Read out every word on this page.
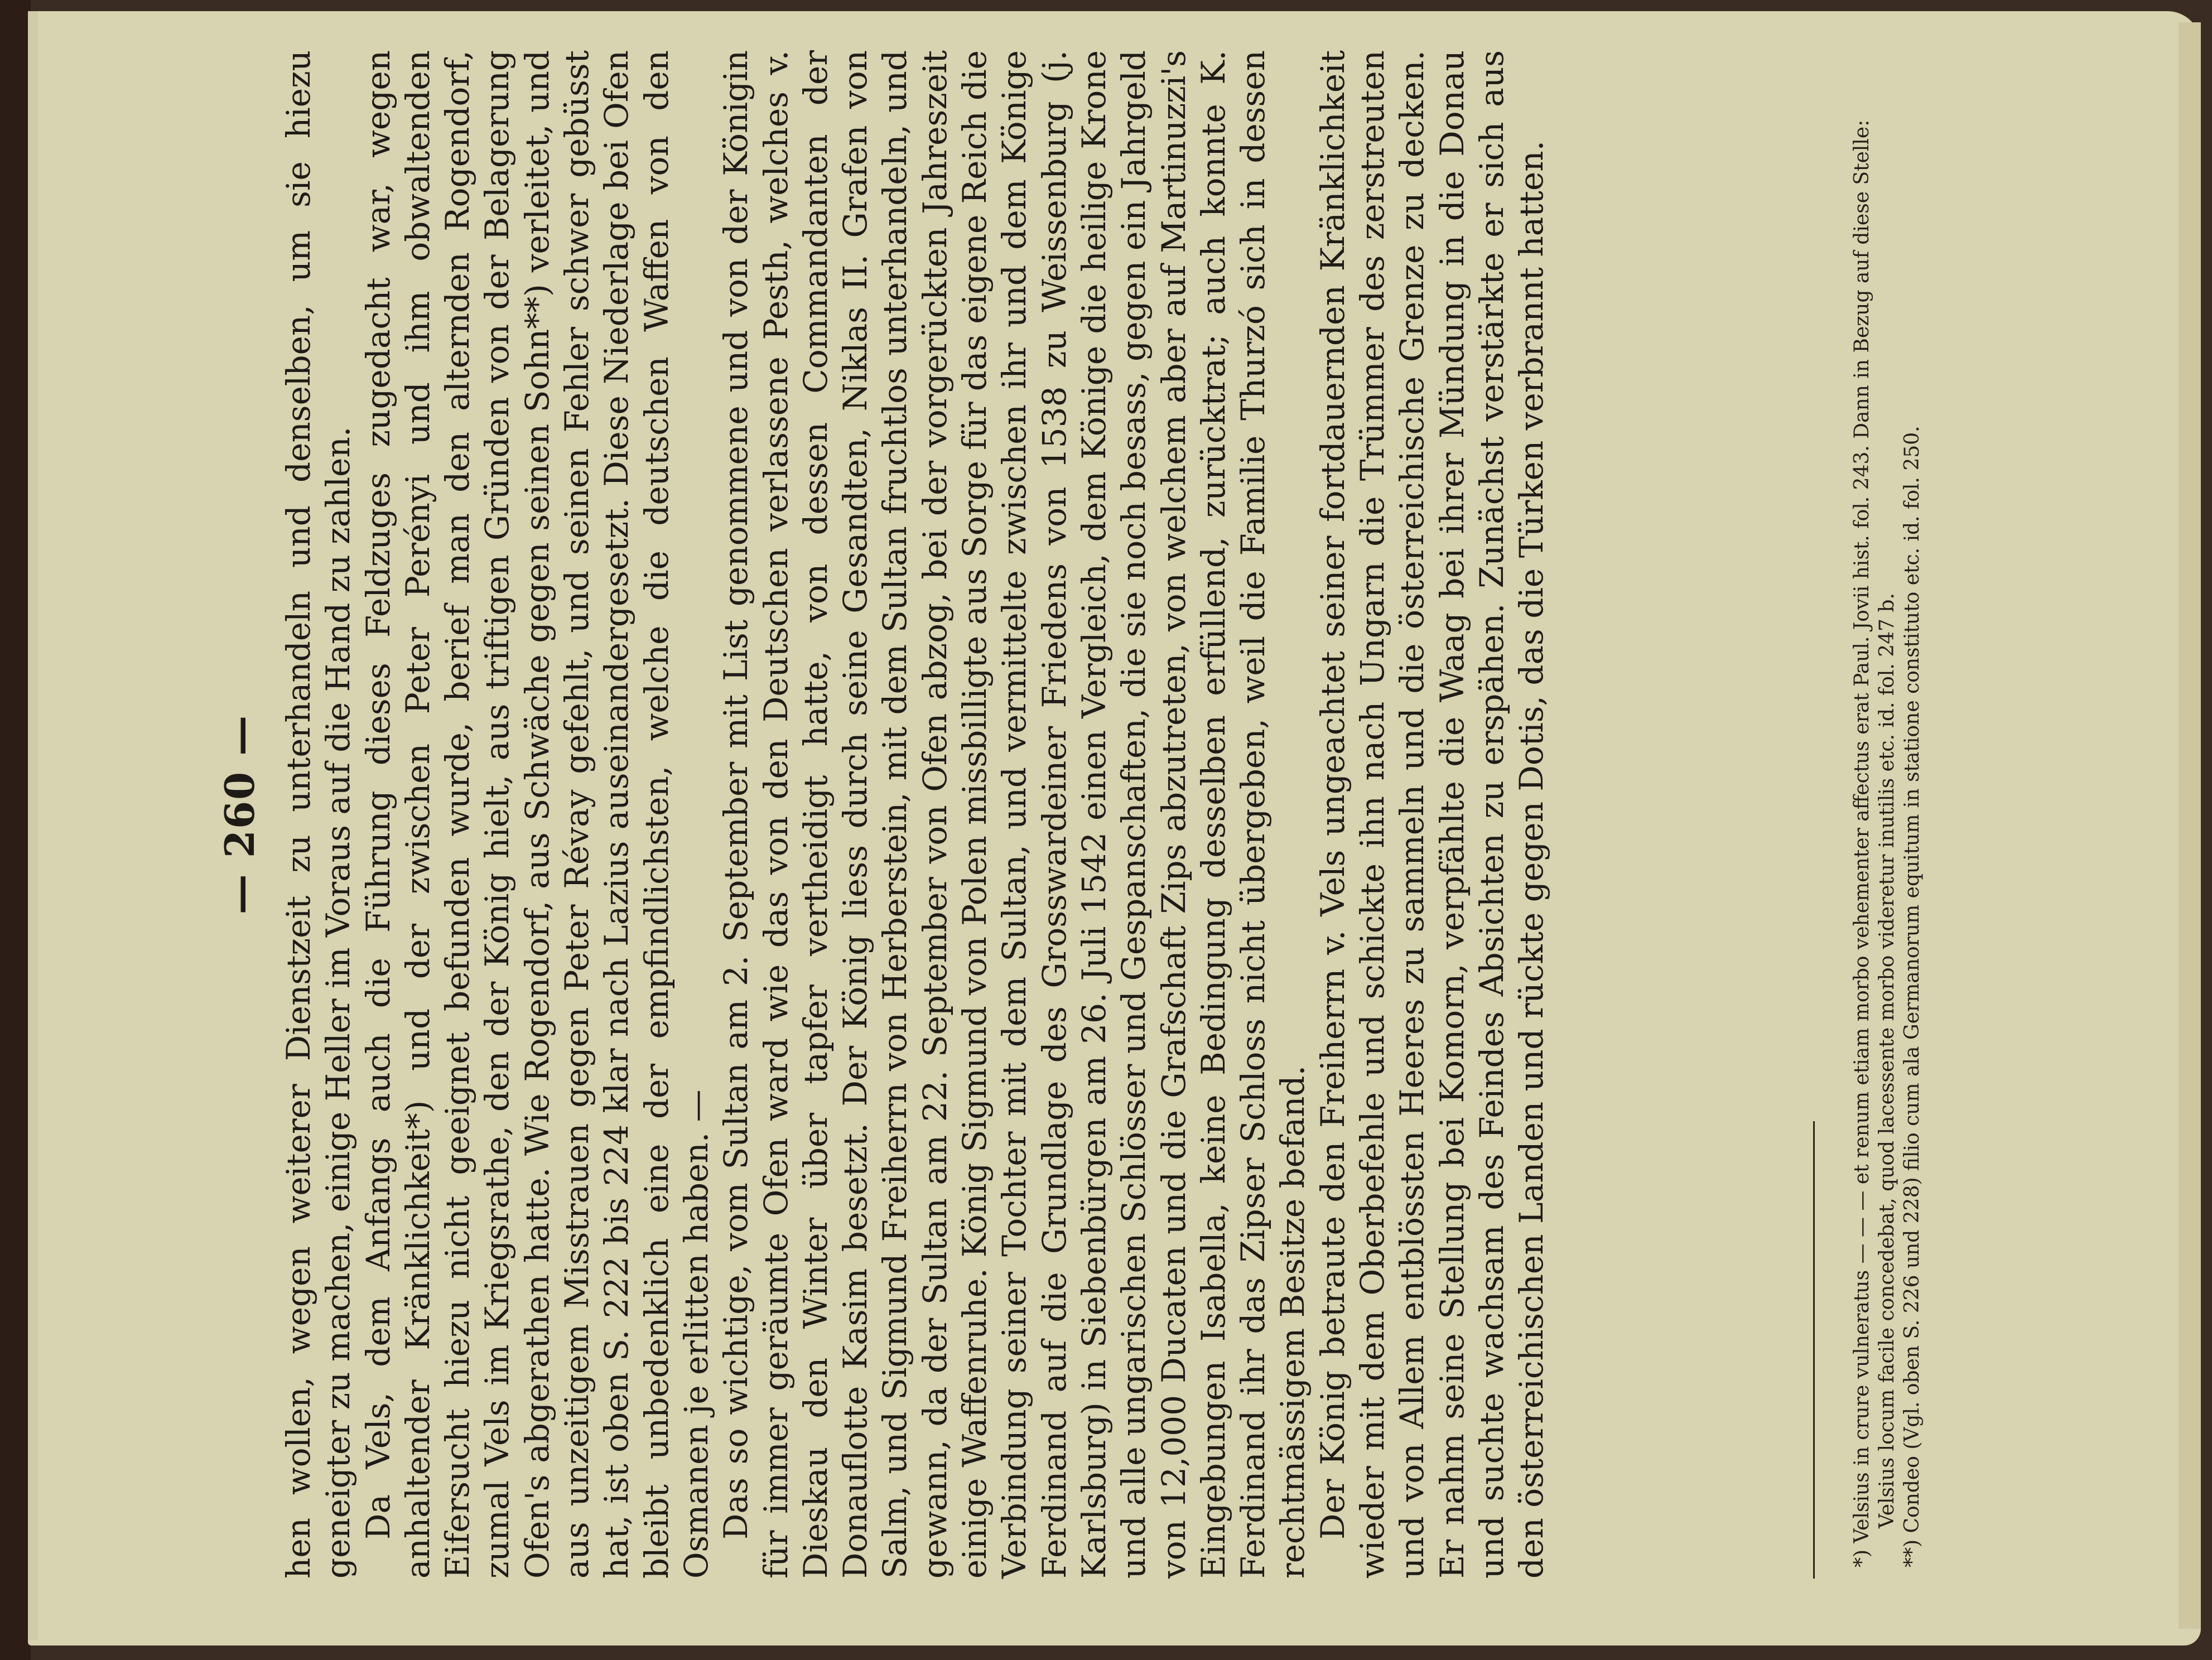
— 260 — hen wollen, wegen weiterer Dienstzeit zu unterhandeln und denselben, um sie hiezu geneigter zu machen, einige Heller im Voraus auf die Hand zu zahlen. Da Vels, dem Anfangs auch die Führung dieses Feldzuges zugedacht war, wegen anhaltender Kränklichkeit*) und der zwischen Peter Perényi und ihm obwaltenden Eifersucht hiezu nicht geeignet befunden wurde, berief man den alternden Rogendorf, zumal Vels im Kriegsrathe, den der König hielt, aus triftigen Gründen von der Belagerung Ofen's abgerathen hatte. Wie Rogendorf, aus Schwäche gegen seinen Sohn**) verleitet, und aus unzeitigem Misstrauen gegen Peter Révay gefehlt, und seinen Fehler schwer gebüsst hat, ist oben S. 222 bis 224 klar nach Lazius auseinandergesetzt. Diese Niederlage bei Ofen bleibt unbedenklich eine der empfindlichsten, welche die deutschen Waffen von den Osmanen je erlitten haben. — Das so wichtige, vom Sultan am 2. September mit List genommene und von der Königin für immer geräumte Ofen ward wie das von den Deutschen verlassene Pesth, welches v. Dieskau den Winter über tapfer vertheidigt hatte, von dessen Commandanten der Donauflotte Kasim besetzt. Der König liess durch seine Gesandten, Niklas II. Grafen von Salm, und Sigmund Freiherrn von Herberstein, mit dem Sultan fruchtlos unterhandeln, und gewann, da der Sultan am 22. September von Ofen abzog, bei der vorgerückten Jahreszeit einige Waffenruhe. König Sigmund von Polen missbilligte aus Sorge für das eigene Reich die Verbindung seiner Tochter mit dem Sultan, und vermittelte zwischen ihr und dem Könige Ferdinand auf die Grundlage des Grosswardeiner Friedens von 1538 zu Weissenburg (j. Karlsburg) in Siebenbürgen am 26. Juli 1542 einen Vergleich, dem Könige die heilige Krone und alle ungarischen Schlösser und Gespanschaften, die sie noch besass, gegen ein Jahrgeld von 12,000 Ducaten und die Grafschaft Zips abzutreten, von welchem aber auf Martinuzzi's Eingebungen Isabella, keine Bedingung desselben erfüllend, zurücktrat; auch konnte K. Ferdinand ihr das Zipser Schloss nicht übergeben, weil die Familie Thurzó sich in dessen rechtmässigem Besitze befand. Der König betraute den Freiherrn v. Vels ungeachtet seiner fortdauernden Kränklichkeit wieder mit dem Oberbefehle und schickte ihn nach Ungarn die Trümmer des zerstreuten und von Allem entblössten Heeres zu sammeln und die österreichische Grenze zu decken. Er nahm seine Stellung bei Komorn, verpfählte die Waag bei ihrer Mündung in die Donau und suchte wachsam des Feindes Absichten zu erspähen. Zunächst verstärkte er sich aus den österreichischen Landen und rückte gegen Dotis, das die Türken verbrannt hatten.	*) Velsius in crure vulneratus — — — et renum etiam morbo vehementer affectus erat Paul. Jovii hist. fol. 243. Dann in Bezug auf diese Stelle: Velsius locum facile concedebat, quod lacessente morbo videretur inutilis etc. id. fol. 247 b. **) Condeo (Vgl. oben S. 226 und 228) filio cum ala Germanorum equitum in statione constituto etc. id. fol. 250.
